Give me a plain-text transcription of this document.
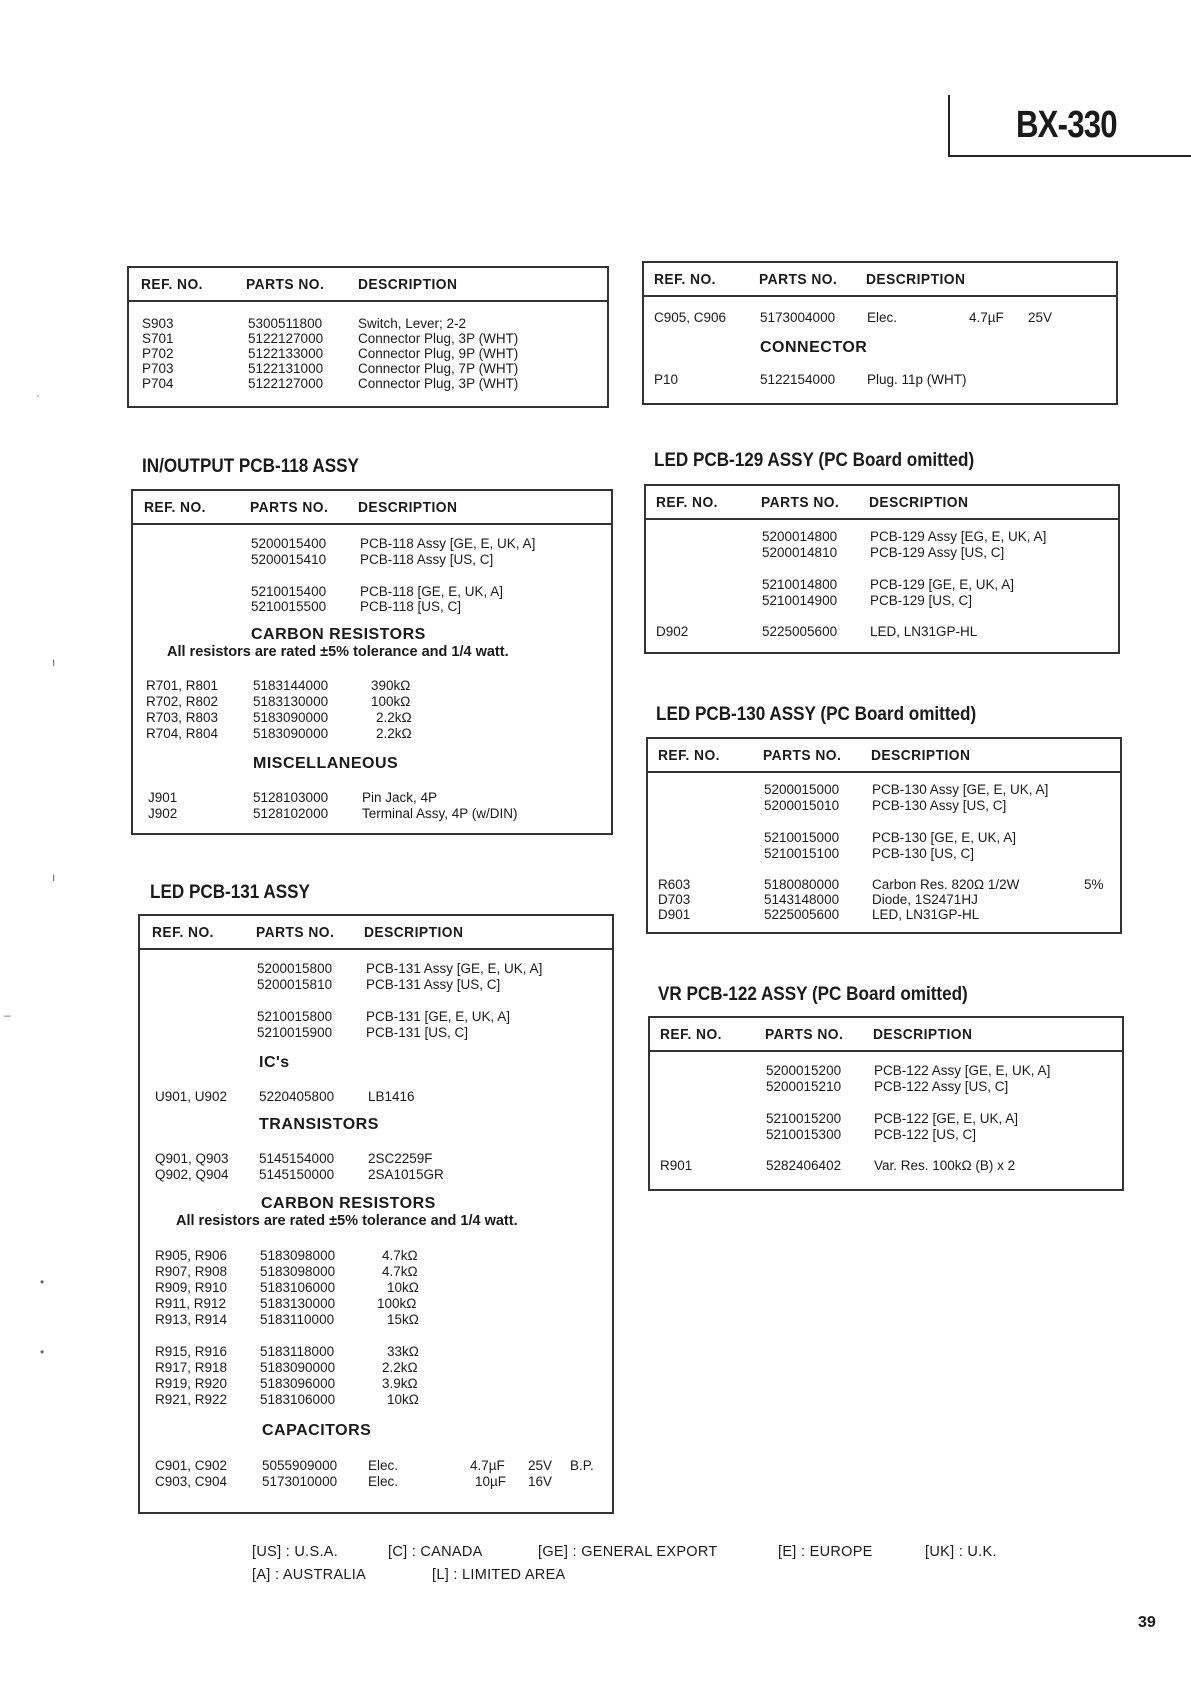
BX-330
·
ı
ı
–
•
•
REF. NO.	PARTS NO. DESCRIPTION
S903	5300511800	Switch, Lever; 2-2
S701	5122127000	Connector Plug, 3P (WHT)
P702	5122133000	Connector Plug, 9P (WHT)
P703	5122131000	Connector Plug, 7P (WHT)
P704	5122127000	Connector Plug, 3P (WHT)
REF. NO.	PARTS NO. DESCRIPTION
C905, C906	5173004000 Elec.	4.7µF 25V
CONNECTOR
P10	5122154000 Plug. 11p (WHT)
IN/OUTPUT PCB-118 ASSY
REF. NO.	PARTS NO. DESCRIPTION
5200015400	PCB-118 Assy [GE, E, UK, A]
5200015410	PCB-118 Assy [US, C]
5210015400	PCB-118 [GE, E, UK, A]
5210015500	PCB-118 [US, C]
CARBON RESISTORS
All resistors are rated ±5% tolerance and 1/4 watt.
R701, R801	5183144000	390kΩ
R702, R802	5183130000	100kΩ
R703, R803	5183090000	2.2kΩ
R704, R804	5183090000	2.2kΩ
MISCELLANEOUS
J901	5128103000	Pin Jack, 4P
J902	5128102000	Terminal Assy, 4P (w/DIN)
LED PCB-131 ASSY
REF. NO.	PARTS NO. DESCRIPTION
5200015800	PCB-131 Assy [GE, E, UK, A]
5200015810	PCB-131 Assy [US, C]
5210015800	PCB-131 [GE, E, UK, A]
5210015900	PCB-131 [US, C]
IC's
U901, U902 5220405800	LB1416
TRANSISTORS
Q901, Q903 5145154000	2SC2259F
Q902, Q904 5145150000	2SA1015GR
CARBON RESISTORS
All resistors are rated ±5% tolerance and 1/4 watt.
R905, R906 5183098000	4.7kΩ
R907, R908 5183098000	4.7kΩ
R909, R910 5183106000	10kΩ
R911, R912	5183130000	100kΩ
R913, R914 5183110000	15kΩ
R915, R916 5183118000	33kΩ
R917, R918 5183090000	2.2kΩ
R919, R920 5183096000	3.9kΩ
R921, R922 5183106000	10kΩ
CAPACITORS
C901, C902	5055909000 Elec.	4.7µF 25V B.P.
C903, C904	5173010000 Elec.	10µF 16V
LED PCB-129 ASSY (PC Board omitted)
REF. NO.	PARTS NO. DESCRIPTION
5200014800 PCB-129 Assy [EG, E, UK, A]
5200014810 PCB-129 Assy [US, C]
5210014800 PCB-129 [GE, E, UK, A]
5210014900 PCB-129 [US, C]
D902	5225005600 LED, LN31GP-HL
LED PCB-130 ASSY (PC Board omitted)
REF. NO.	PARTS NO. DESCRIPTION
5200015000 PCB-130 Assy [GE, E, UK, A]
5200015010 PCB-130 Assy [US, C]
5210015000 PCB-130 [GE, E, UK, A]
5210015100 PCB-130 [US, C]
R603	5180080000 Carbon Res. 820Ω 1/2W	5%
D703	5143148000 Diode, 1S2471HJ
D901	5225005600 LED, LN31GP-HL
VR PCB-122 ASSY (PC Board omitted)
REF. NO.	PARTS NO. DESCRIPTION
5200015200 PCB-122 Assy [GE, E, UK, A]
5200015210 PCB-122 Assy [US, C]
5210015200 PCB-122 [GE, E, UK, A]
5210015300 PCB-122 [US, C]
R901	5282406402 Var. Res. 100kΩ (B) x 2
[US] : U.S.A.	[C] : CANADA	[GE] : GENERAL EXPORT	[E] : EUROPE	[UK] : U.K.
[A] : AUSTRALIA	[L] : LIMITED AREA
39
